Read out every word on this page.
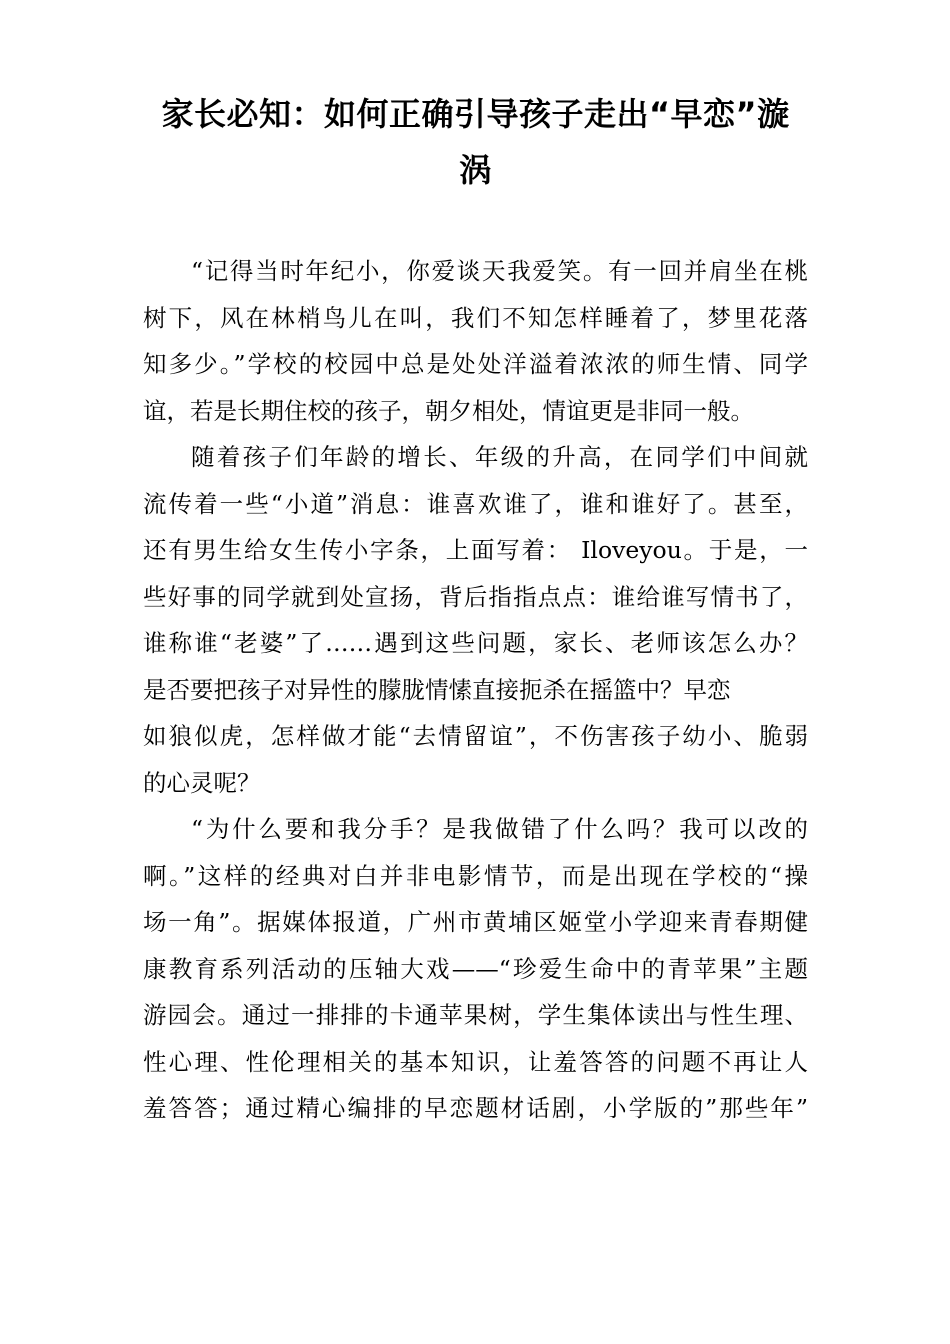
家长必知：如何正确引导孩子走出“早恋”漩
涡
“记得当时年纪小，你爱谈天我爱笑。有一回并肩坐在桃
树下，风在林梢鸟儿在叫，我们不知怎样睡着了，梦里花落
知多少。”学校的校园中总是处处洋溢着浓浓的师生情、同学
谊，若是长期住校的孩子，朝夕相处，情谊更是非同一般。
随着孩子们年龄的增长、年级的升高，在同学们中间就
流传着一些“小道”消息：谁喜欢谁了，谁和谁好了。甚至，
还有男生给女生传小字条，上面写着： Iloveyou。于是，一
些好事的同学就到处宣扬，背后指指点点：谁给谁写情书了，
谁称谁“老婆”了……遇到这些问题，家长、老师该怎么办？
是否要把孩子对异性的朦胧情愫直接扼杀在摇篮中？早恋
如狼似虎，怎样做才能“去情留谊”，不伤害孩子幼小、脆弱
的心灵呢？
“为什么要和我分手？是我做错了什么吗？我可以改的
啊。”这样的经典对白并非电影情节，而是出现在学校的“操
场一角”。据媒体报道，广州市黄埔区姬堂小学迎来青春期健
康教育系列活动的压轴大戏——“珍爱生命中的青苹果”主题
游园会。通过一排排的卡通苹果树，学生集体读出与性生理、
性心理、性伦理相关的基本知识，让羞答答的问题不再让人
羞答答；通过精心编排的早恋题材话剧，小学版的”那些年”
